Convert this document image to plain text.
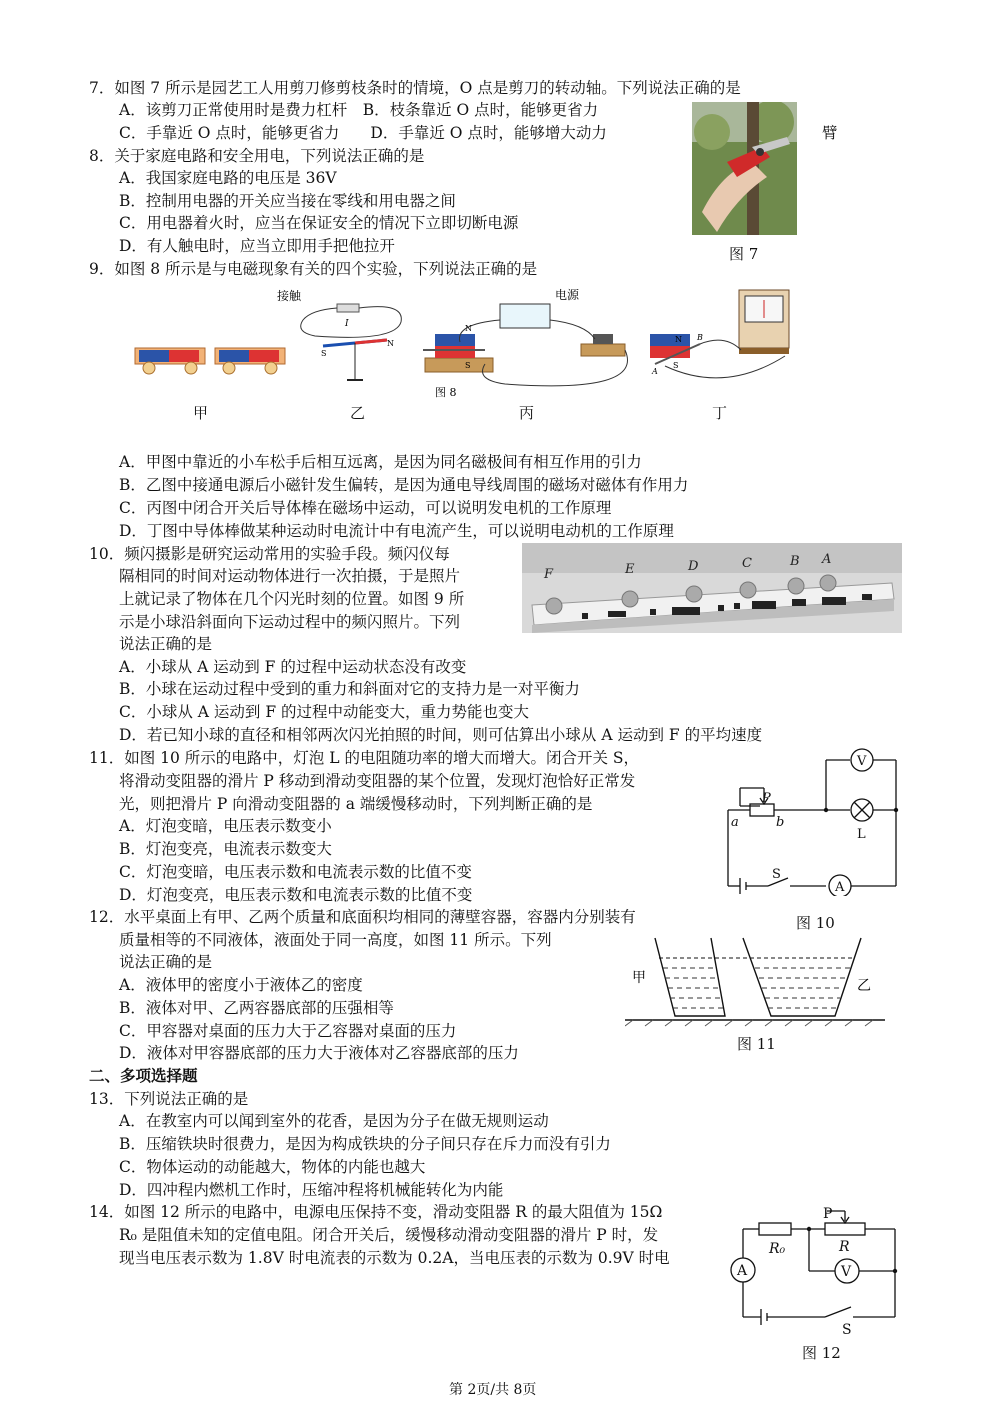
7．如图 7 所示是园艺工人用剪刀修剪枝条时的情境，O 点是剪刀的转动轴。下列说法正确的是
A．该剪刀正常使用时是费力杠杆　B．枝条靠近 O 点时，能够更省力
C．手靠近 O 点时，能够更省力　　D．手靠近 O 点时，能够增大动力	臂
图 7
8．关于家庭电路和安全用电，下列说法正确的是
A．我国家庭电路的电压是 36V
B．控制用电器的开关应当接在零线和用电器之间
C．用电器着火时，应当在保证安全的情况下立即切断电源
D．有人触电时，应当立即用手把他拉开
9．如图 8 所示是与电磁现象有关的四个实验，下列说法正确的是
接触
I
S
N
电源
N
S
图 8
N
S
A
B
甲	乙	丙	丁
A．甲图中靠近的小车松手后相互远离，是因为同名磁极间有相互作用的引力
B．乙图中接通电源后小磁针发生偏转，是因为通电导线周围的磁场对磁体有作用力
C．丙图中闭合开关后导体棒在磁场中运动，可以说明发电机的工作原理
D．丁图中导体棒做某种运动时电流计中有电流产生，可以说明电动机的工作原理
10．频闪摄影是研究运动常用的实验手段。频闪仪每
隔相同的时间对运动物体进行一次拍摄，于是照片
上就记录了物体在几个闪光时刻的位置。如图 9 所
示是小球沿斜面向下运动过程中的频闪照片。下列
说法正确的是
F	E	D	C	B A
A．小球从 A 运动到 F 的过程中运动状态没有改变
B．小球在运动过程中受到的重力和斜面对它的支持力是一对平衡力
C．小球从 A 运动到 F 的过程中动能变大，重力势能也变大
D．若已知小球的直径和相邻两次闪光拍照的时间，则可估算出小球从 A 运动到 F 的平均速度
11．如图 10 所示的电路中，灯泡 L 的电阻随功率的增大而增大。闭合开关 S，
将滑动变阻器的滑片 P 移动到滑动变阻器的某个位置，发现灯泡恰好正常发
光，则把滑片 P 向滑动变阻器的 a 端缓慢移动时，下列判断正确的是
A．灯泡变暗，电压表示数变小
B．灯泡变亮，电流表示数变大
C．灯泡变暗，电压表示数和电流表示数的比值不变
D．灯泡变亮，电压表示数和电流表示数的比值不变
V
A
P
a	b
L
S
图 10
12．水平桌面上有甲、乙两个质量和底面积均相同的薄壁容器，容器内分别装有
质量相等的不同液体，液面处于同一高度，如图 11 所示。下列
说法正确的是
A．液体甲的密度小于液体乙的密度
B．液体对甲、乙两容器底部的压强相等
C．甲容器对桌面的压力大于乙容器对桌面的压力
D．液体对甲容器底部的压力大于液体对乙容器底部的压力
甲	乙
图 11
二、多项选择题
13．下列说法正确的是
A．在教室内可以闻到室外的花香，是因为分子在做无规则运动
B．压缩铁块时很费力，是因为构成铁块的分子间只存在斥力而没有引力
C．物体运动的动能越大，物体的内能也越大
D．四冲程内燃机工作时，压缩冲程将机械能转化为内能
14．如图 12 所示的电路中，电源电压保持不变，滑动变阻器 R 的最大阻值为 15Ω
R₀ 是阻值未知的定值电阻。闭合开关后，缓慢移动滑动变阻器的滑片 P 时，发
现当电压表示数为 1.8V 时电流表的示数为 0.2A，当电压表的示数为 0.9V 时电
P
R₀	R
A	V
S
图 12
第 2页/共 8页
